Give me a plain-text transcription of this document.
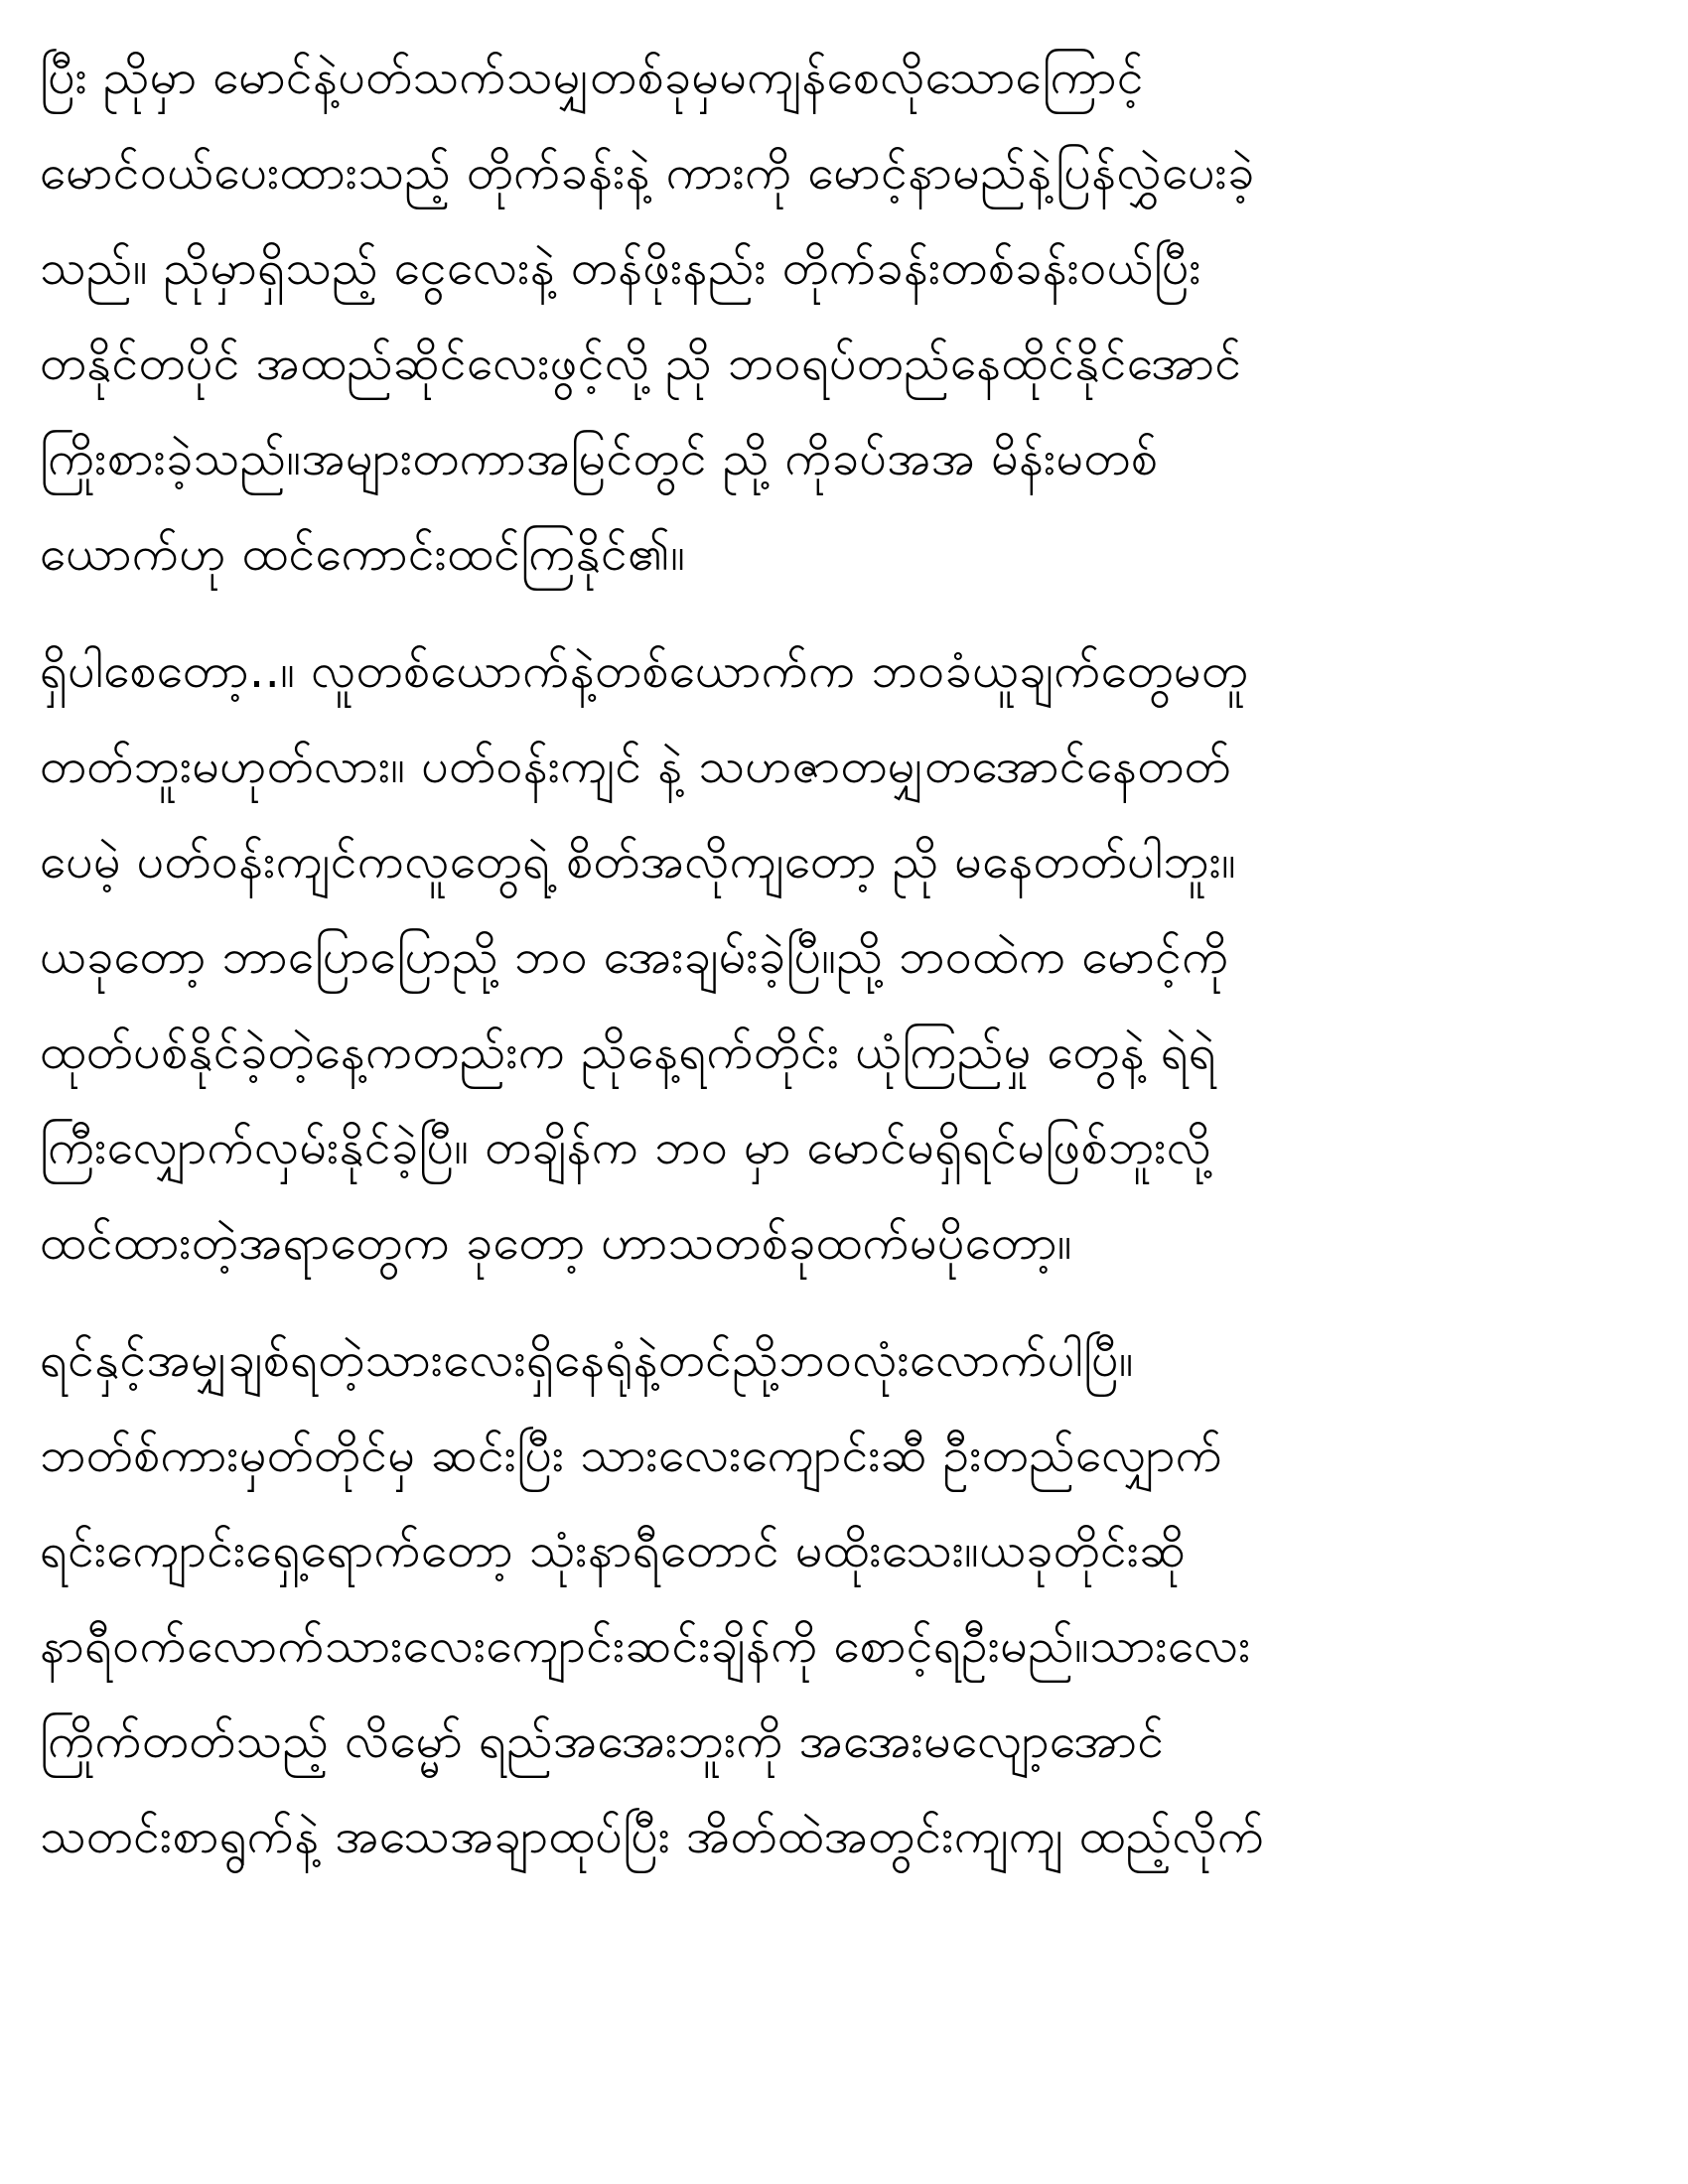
ပြီး ညိုမှာ မောင်နဲ့ပတ်သက်သမျှတစ်ခုမှမကျန်စေလိုသောကြောင့်
မောင်ဝယ်ပေးထားသည့် တိုက်ခန်းနဲ့ ကားကို မောင့်နာမည်နဲ့ပြန်လွှဲပေးခဲ့
သည်။ ညိုမှာရှိသည့် ငွေလေးနဲ့ တန်ဖိုးနည်း တိုက်ခန်းတစ်ခန်းဝယ်ပြီး
တနိုင်တပိုင် အထည်ဆိုင်လေးဖွင့်လို့ ညို ဘဝရပ်တည်နေထိုင်နိုင်အောင်
ကြိုးစားခဲ့သည်။အများတကာအမြင်တွင် ညို့ ကိုခပ်အအ မိန်းမတစ်
ယောက်ဟု ထင်ကောင်းထင်ကြနိုင်၏။
ရှိပါစေတော့..။ လူတစ်ယောက်နဲ့တစ်ယောက်က ဘဝခံယူချက်တွေမတူ
တတ်ဘူးမဟုတ်လား။ ပတ်ဝန်းကျင် နဲ့ သဟဇာတမျှတအောင်နေတတ်
ပေမဲ့ ပတ်ဝန်းကျင်ကလူတွေရဲ့ စိတ်အလိုကျတော့ ညို မနေတတ်ပါဘူး။
ယခုတော့ ဘာပြောပြောညို့ ဘဝ အေးချမ်းခဲ့ပြီ။ညို့ ဘဝထဲက မောင့်ကို
ထုတ်ပစ်နိုင်ခဲ့တဲ့နေ့ကတည်းက ညိုနေ့ရက်တိုင်း ယုံကြည်မှု တွေနဲ့ ရဲရဲ
ကြီးလျှောက်လှမ်းနိုင်ခဲ့ပြီ။ တချိန်က ဘဝ မှာ မောင်မရှိရင်မဖြစ်ဘူးလို့
ထင်ထားတဲ့အရာတွေက ခုတော့ ဟာသတစ်ခုထက်မပိုတော့။
ရင်နှင့်အမျှချစ်ရတဲ့သားလေးရှိနေရုံနဲ့တင်ညို့ဘဝလုံးလောက်ပါပြီ။
ဘတ်စ်ကားမှတ်တိုင်မှ ဆင်းပြီး သားလေးကျောင်းဆီ ဦးတည်လျှောက်
ရင်းကျောင်းရှေ့ရောက်တော့ သုံးနာရီတောင် မထိုးသေး။ယခုတိုင်းဆို
နာရီဝက်လောက်သားလေးကျောင်းဆင်းချိန်ကို စောင့်ရဦးမည်။သားလေး
ကြိုက်တတ်သည့် လိမ္မော် ရည်အအေးဘူးကို အအေးမလျော့အောင်
သတင်းစာရွက်နဲ့ အသေအချာထုပ်ပြီး အိတ်ထဲအတွင်းကျကျ ထည့်လိုက်
